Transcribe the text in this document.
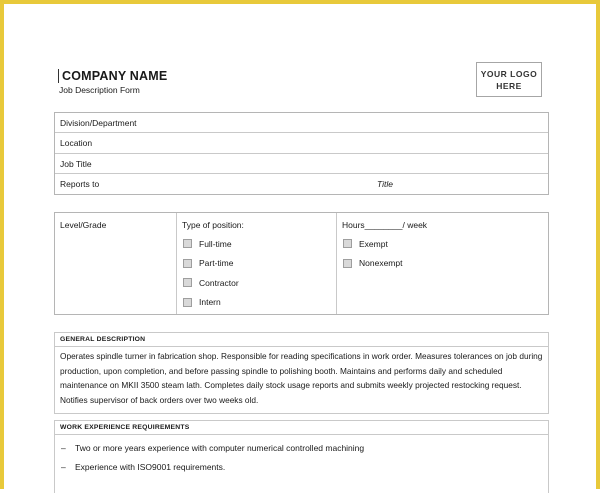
COMPANY NAME
Job Description Form
YOUR LOGO
HERE
Division/Department
Location
Job Title
Reports to	Title
Level/Grade	Type of position:
Full-time
Part-time
Contractor
Intern
Hours________/ week
Exempt
Nonexempt
GENERAL DESCRIPTION
Operates spindle turner in fabrication shop. Responsible for reading specifications in work order. Measures tolerances on job during production, upon completion, and before passing spindle to polishing booth. Maintains and performs daily and scheduled maintenance on MKII 3500 steam lath. Completes daily stock usage reports and submits weekly projected restocking request. Notifies supervisor of back orders over two weeks old.
WORK EXPERIENCE REQUIREMENTS
–	Two or more years experience with computer numerical controlled machining
–	Experience with ISO9001 requirements.
